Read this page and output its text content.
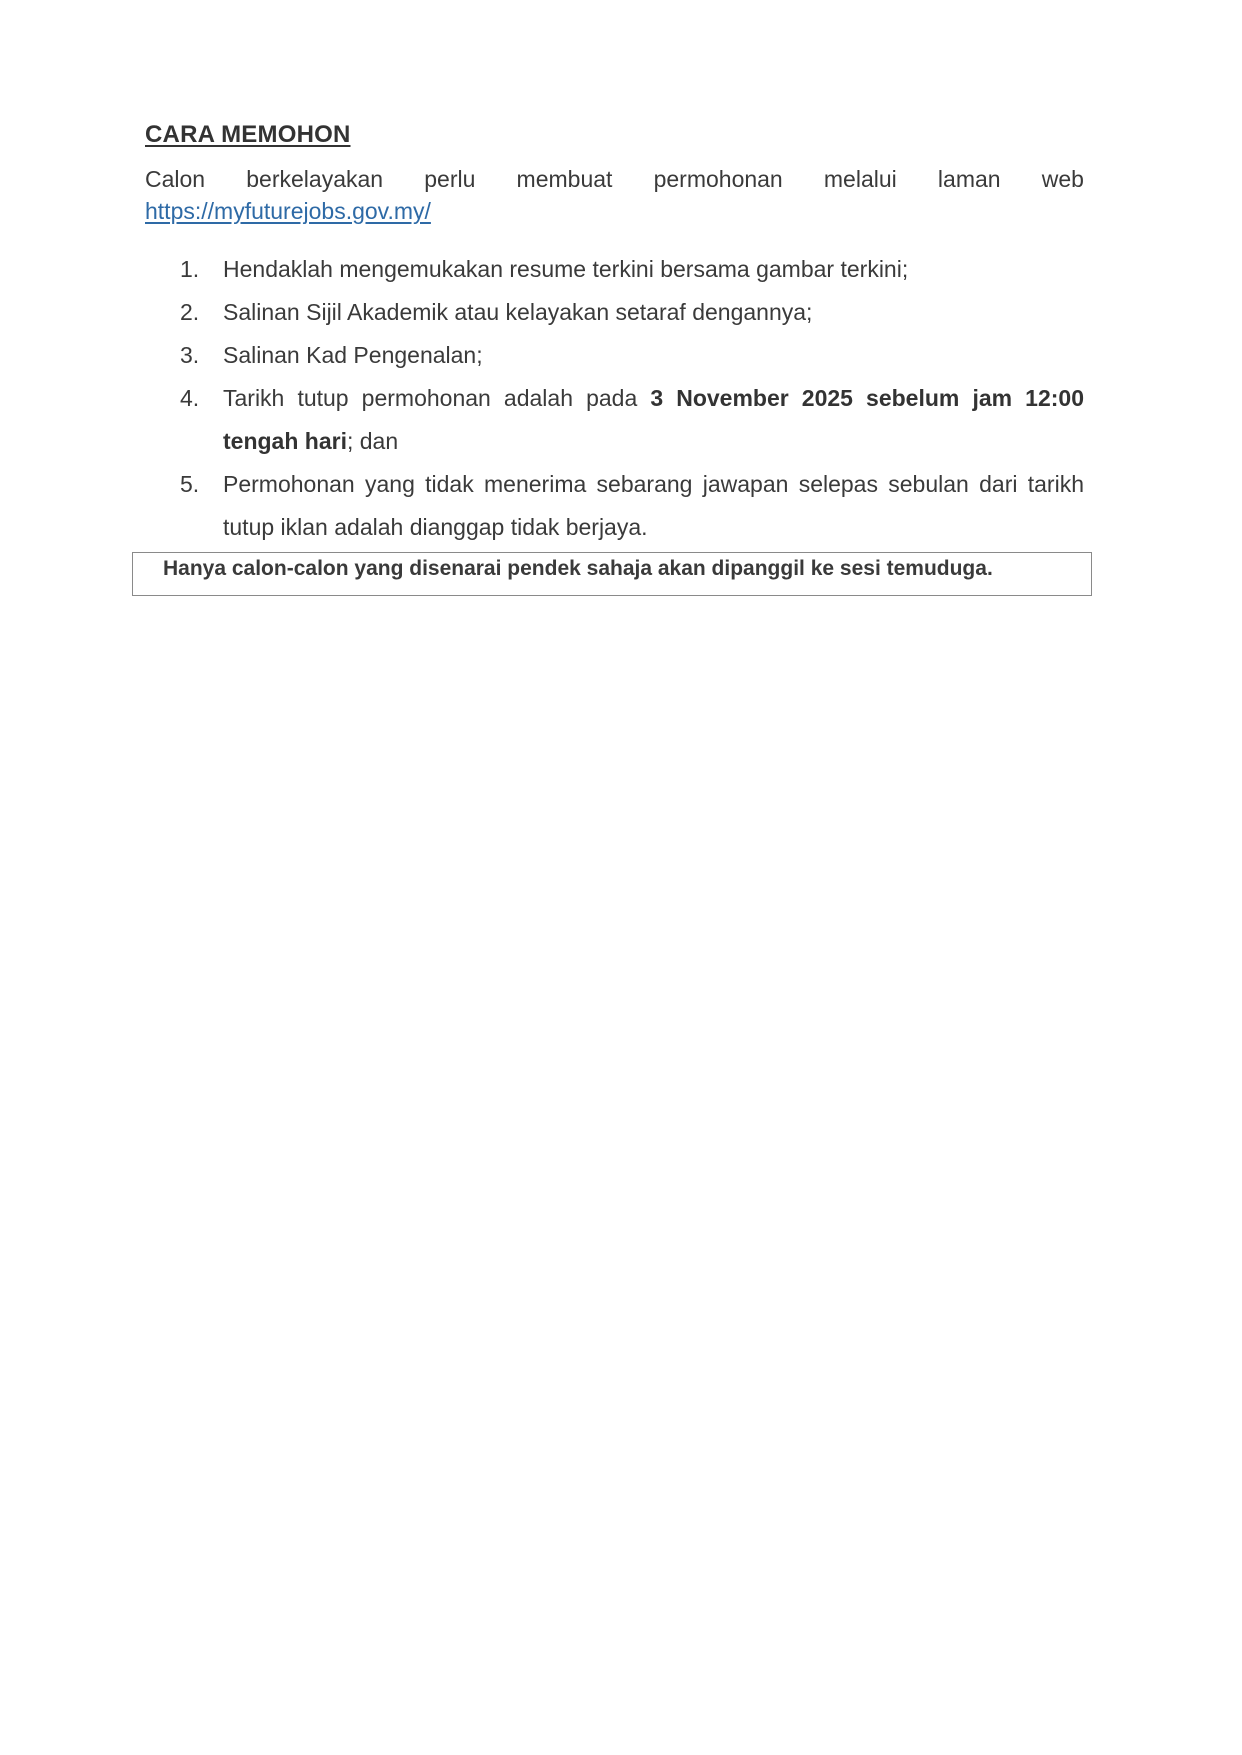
CARA MEMOHON
Calon berkelayakan perlu membuat permohonan melalui laman web
https://myfuturejobs.gov.my/
1.	Hendaklah mengemukakan resume terkini bersama gambar terkini;
2.	Salinan Sijil Akademik atau kelayakan setaraf dengannya;
3.	Salinan Kad Pengenalan;
4.	Tarikh tutup permohonan adalah pada 3 November 2025 sebelum jam 12:00 tengah hari; dan
5.	Permohonan yang tidak menerima sebarang jawapan selepas sebulan dari tarikh tutup iklan adalah dianggap tidak berjaya.
Hanya calon-calon yang disenarai pendek sahaja akan dipanggil ke sesi temuduga.
